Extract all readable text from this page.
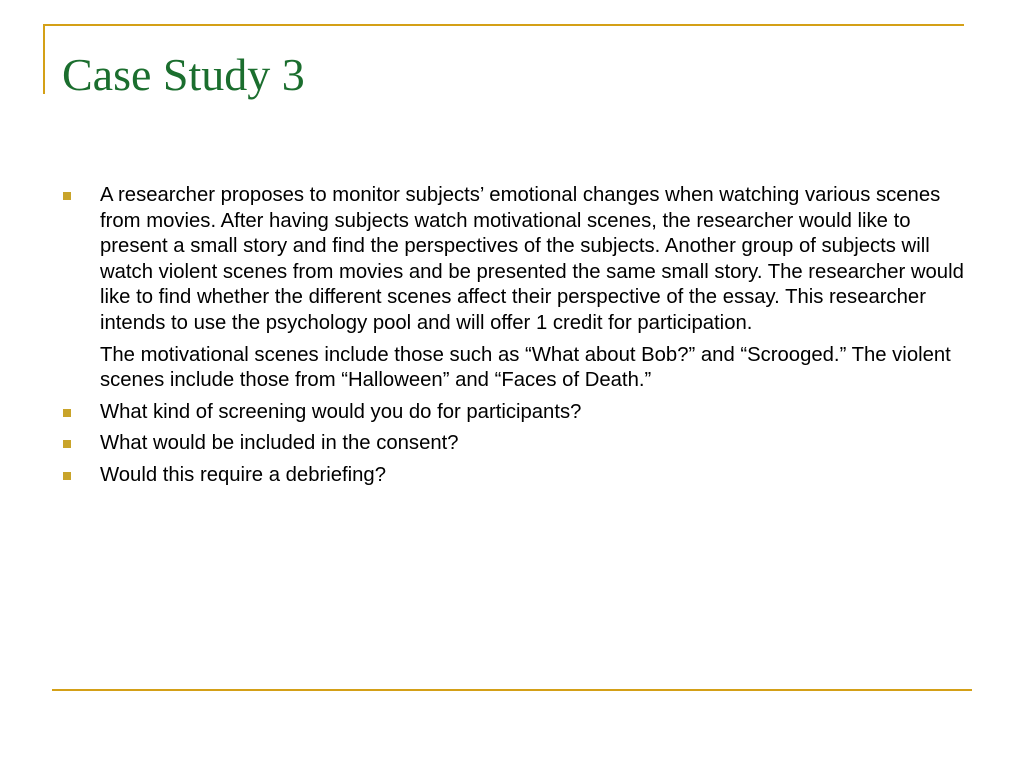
Case Study 3

A researcher proposes to monitor subjects’ emotional changes when watching various scenes from movies. After having subjects watch motivational scenes, the researcher would like to present a small story and find the perspectives of the subjects. Another group of subjects will watch violent scenes from movies and be presented the same small story. The researcher would like to find whether the different scenes affect their perspective of the essay. This researcher intends to use the psychology pool and will offer 1 credit for participation.

The motivational scenes include those such as “What about Bob?” and “Scrooged.” The violent scenes include those from “Halloween” and “Faces of Death.”

What kind of screening would you do for participants?

What would be included in the consent?

Would this require a debriefing?
